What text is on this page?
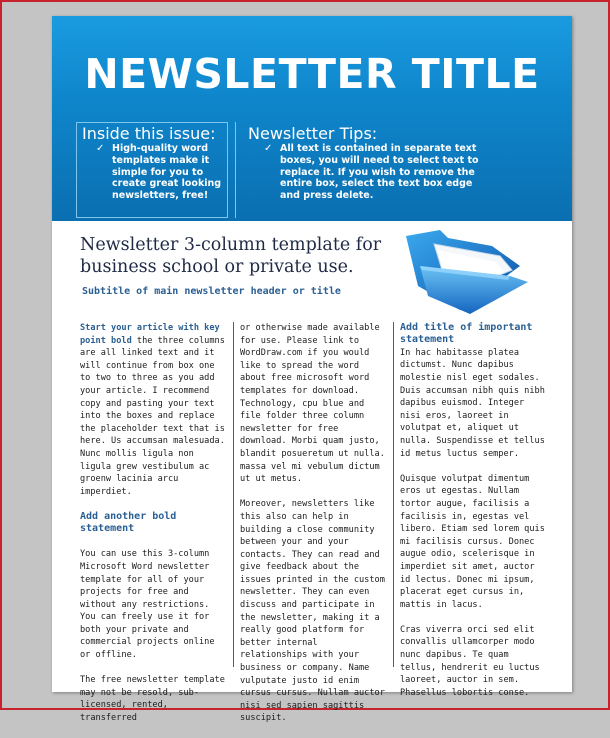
NEWSLETTER TITLE
Inside this issue:
✓ High-quality word
templates make it
simple for you to
create great looking
newsletters, free!
Newsletter Tips:
✓ All text is contained in separate text
boxes, you will need to select text to
replace it. If you wish to remove the
entire box, select the text box edge
and press delete.
Newsletter 3-column template for business school or private use.
Subtitle of main newsletter header or title

Start your article with key point bold the three columns are all linked text and it will continue from box one to two to three as you add your article. I recommend copy and pasting your text into the boxes and replace the placeholder text that is here. Us accumsan malesuada. Nunc mollis ligula non ligula grew vestibulum ac groenw lacinia arcu imperdiet.

Add another bold statement

You can use this 3-column Microsoft Word newsletter template for all of your projects for free and without any restrictions. You can freely use it for both your private and commercial projects online or offline.

The free newsletter template may not be resold, sub-licensed, rented, transferred

or otherwise made available for use. Please link to WordDraw.com if you would like to spread the word about free microsoft word templates for download. Technology, cpu blue and file folder three column newsletter for free download. Morbi quam justo, blandit posueretum ut nulla. massa vel mi vebulum dictum ut ut metus.

Moreover, newsletters like this also can help in building a close community between your and your contacts. They can read and give feedback about the issues printed in the custom newsletter. They can even discuss and participate in the newsletter, making it a really good platform for better internal relationships with your business or company. Name vulputate justo id enim cursus cursus. Nullam auctor nisi sed sapien sagittis suscipit.

Add title of important statement

In hac habitasse platea dictumst. Nunc dapibus molestie nisl eget sodales. Duis accumsan nibh quis nibh dapibus euismod. Integer nisi eros, laoreet in volutpat et, aliquet ut nulla. Suspendisse et tellus id metus luctus semper.

Quisque volutpat dimentum eros ut egestas. Nullam tortor augue, facilisis a facilisis in, egestas vel libero. Etiam sed lorem quis mi facilisis cursus. Donec augue odio, scelerisque in imperdiet sit amet, auctor id lectus. Donec mi ipsum, placerat eget cursus in, mattis in lacus.

Cras viverra orci sed elit convallis ullamcorper modo nunc dapibus. Te quam tellus, hendrerit eu luctus laoreet, auctor in sem. Phasellus lobortis conse.
